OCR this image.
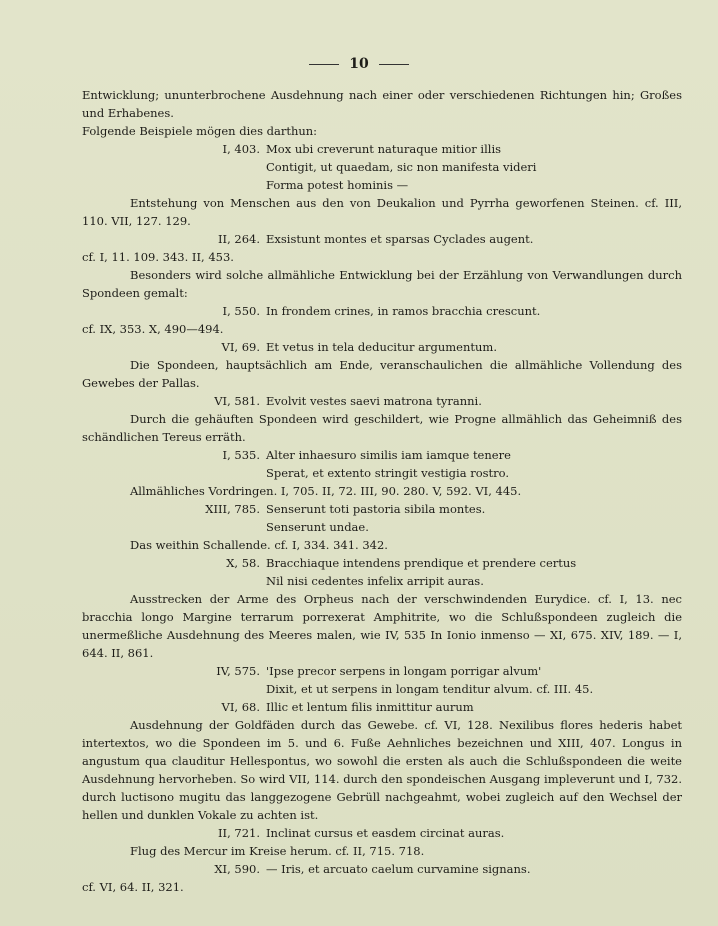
10
Entwicklung; ununterbrochene Ausdehnung nach einer oder verschiedenen Richtungen hin; Großes und Erhabenes.
Folgende Beispiele mögen dies darthun:
I, 403. Mox ubi creverunt naturaque mitior illis
Contigit, ut quaedam, sic non manifesta videri
Forma potest hominis —
Entstehung von Menschen aus den von Deukalion und Pyrrha geworfenen Steinen. cf. III, 110. VII, 127. 129.
II, 264. Exsistunt montes et sparsas Cyclades augent.
cf. I, 11. 109. 343. II, 453.
Besonders wird solche allmähliche Entwicklung bei der Erzählung von Verwandlungen durch Spondeen gemalt:
I, 550. In frondem crines, in ramos bracchia crescunt.
cf. IX, 353. X, 490—494.
VI, 69. Et vetus in tela deducitur argumentum.
Die Spondeen, hauptsächlich am Ende, veranschaulichen die allmähliche Vollendung des Gewebes der Pallas.
VI, 581. Evolvit vestes saevi matrona tyranni.
Durch die gehäuften Spondeen wird geschildert, wie Progne allmählich das Geheimniß des schändlichen Tereus erräth.
I, 535. Alter inhaesuro similis iam iamque tenere
Sperat, et extento stringit vestigia rostro.
Allmähliches Vordringen. I, 705. II, 72. III, 90. 280. V, 592. VI, 445.
XIII, 785. Senserunt toti pastoria sibila montes.
Senserunt undae.
Das weithin Schallende. cf. I, 334. 341. 342.
X, 58. Bracchiaque intendens prendique et prendere certus
Nil nisi cedentes infelix arripit auras.
Ausstrecken der Arme des Orpheus nach der verschwindenden Eurydice. cf. I, 13. nec bracchia longo Margine terrarum porrexerat Amphitrite, wo die Schlußspondeen zugleich die unermeßliche Ausdehnung des Meeres malen, wie IV, 535 In Ionio inmenso — XI, 675. XIV, 189. — I, 644. II, 861.
IV, 575. 'Ipse precor serpens in longam porrigar alvum'
Dixit, et ut serpens in longam tenditur alvum. cf. III. 45.
VI, 68. Illic et lentum filis inmittitur aurum
Ausdehnung der Goldfäden durch das Gewebe. cf. VI, 128. Nexilibus flores hederis habet intertextos, wo die Spondeen im 5. und 6. Fuße Aehnliches bezeichnen und XIII, 407. Longus in angustum qua clauditur Hellespontus, wo sowohl die ersten als auch die Schlußspondeen die weite Ausdehnung hervorheben. So wird VII, 114. durch den spondeischen Ausgang impleverunt und I, 732. durch luctisono mugitu das langgezogene Gebrüll nachgeahmt, wobei zugleich auf den Wechsel der hellen und dunklen Vokale zu achten ist.
II, 721. Inclinat cursus et easdem circinat auras.
Flug des Mercur im Kreise herum. cf. II, 715. 718.
XI, 590. — Iris, et arcuato caelum curvamine signans.
cf. VI, 64. II, 321.
